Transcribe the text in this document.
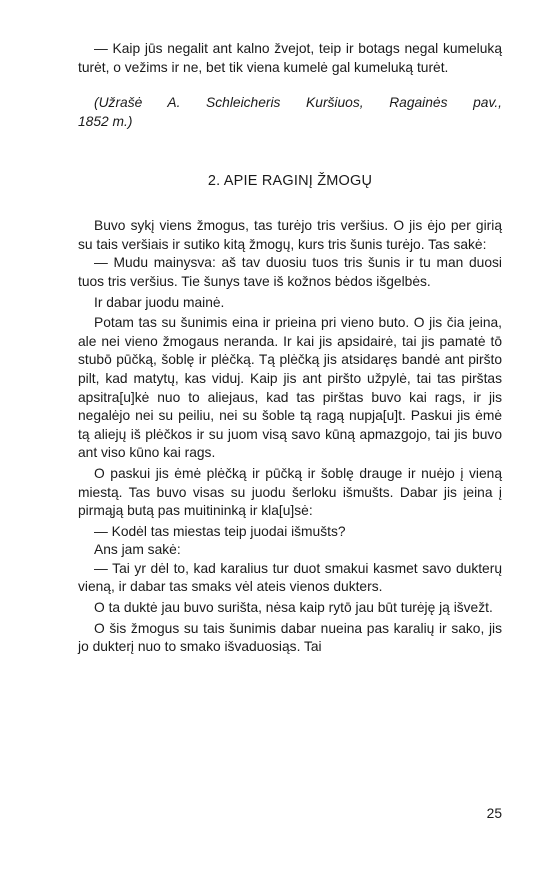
— Kaip jūs negalit ant kalno žvejot, teip ir botags negal kumeluką turėt, o vežims ir ne, bet tik viena kumelė gal kumeluką turėt.

(Užrašė A. Schleicheris Kuršiuos, Ragainės pav.,
1852 m.)
2. APIE RAGINĮ ŽMOGŲ

Buvo sykį viens žmogus, tas turėjo tris veršius. O jis ėjo per girią su tais veršiais ir sutiko kitą žmogų, kurs tris šunis turėjo. Tas sakė:

— Mudu mainysva: aš tav duosiu tuos tris šunis ir tu man duosi tuos tris veršius. Tie šunys tave iš kožnos bėdos išgelbės.

Ir dabar juodu mainė.

Potam tas su šunimis eina ir prieina pri vieno buto. O jis čia įeina, ale nei vieno žmogaus neranda. Ir kai jis apsidairė, tai jis pamatė tō stubō pūčką, šoblę ir plėčką. Tą plėčką jis atsidaręs bandė ant piršto pilt, kad matytų, kas viduj. Kaip jis ant piršto užpylė, tai tas pirštas apsitra[u]kė nuo to aliejaus, kad tas pirštas buvo kai rags, ir jis negalėjo nei su peiliu, nei su šoble tą ragą nupja[u]t. Paskui jis ėmė tą aliejų iš plėčkos ir su juom visą savo kūną apmazgojo, tai jis buvo ant viso kūno kai rags.

O paskui jis ėmė plėčką ir pūčką ir šoblę drauge ir nuėjo į vieną miestą. Tas buvo visas su juodu šerloku išmušts. Dabar jis įeina į pirmąją butą pas muitininką ir kla[u]sė:

— Kodėl tas miestas teip juodai išmušts?

Ans jam sakė:

— Tai yr dėl to, kad karalius tur duot smakui kasmet savo dukterų vieną, ir dabar tas smaks vėl ateis vienos dukters.

O ta duktė jau buvo surišta, nėsa kaip rytō jau būt turėję ją išvežt.

O šis žmogus su tais šunimis dabar nueina pas karalių ir sako, jis jo dukterį nuo to smako išvaduosiąs. Tai

25
